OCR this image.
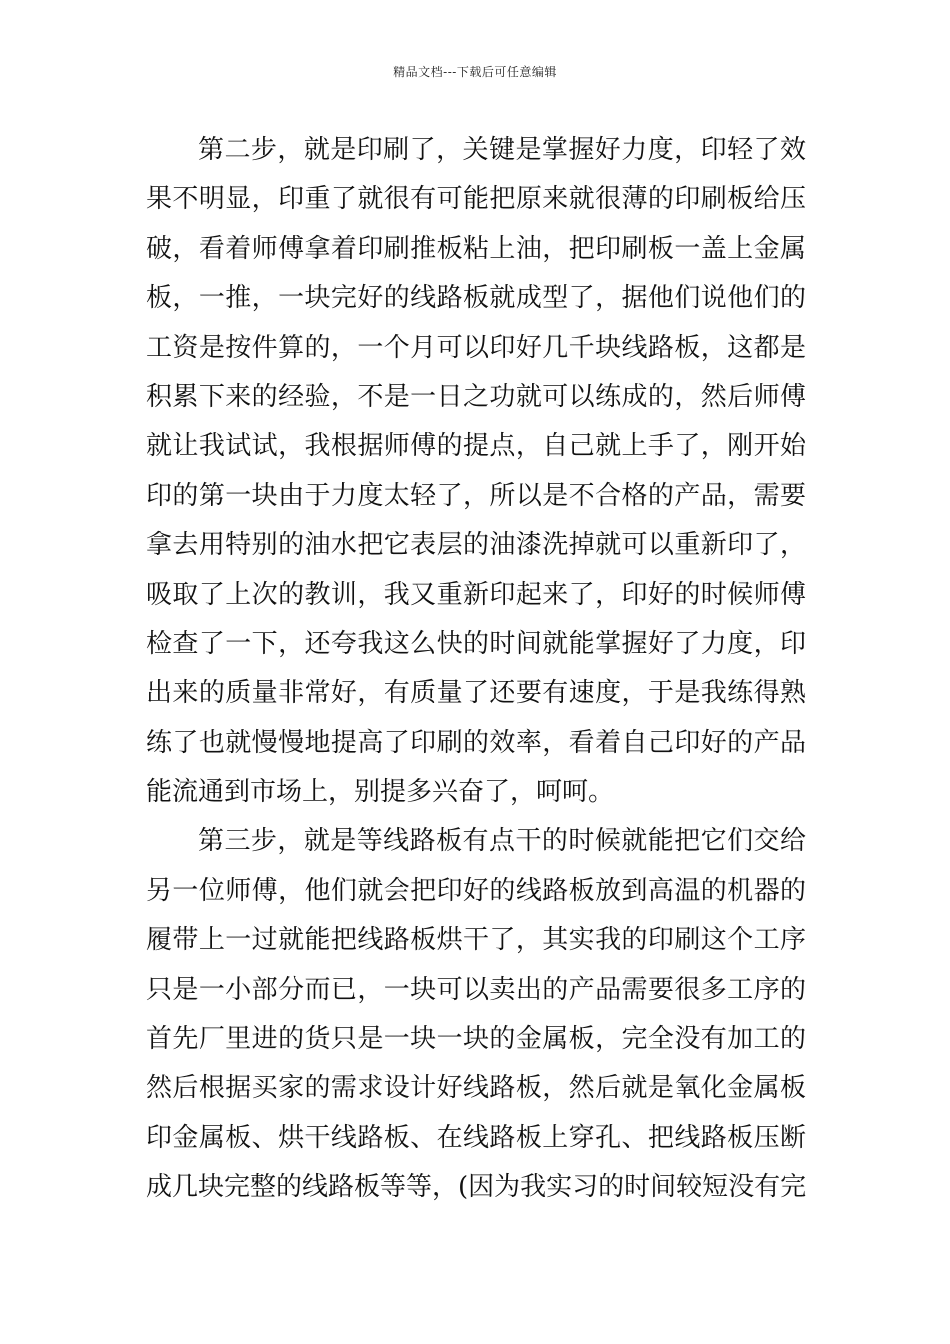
精品文档---下载后可任意编辑
第二步，就是印刷了，关键是掌握好力度，印轻了效
果不明显，印重了就很有可能把原来就很薄的印刷板给压
破，看着师傅拿着印刷推板粘上油，把印刷板一盖上金属
板，一推，一块完好的线路板就成型了，据他们说他们的
工资是按件算的，一个月可以印好几千块线路板，这都是
积累下来的经验，不是一日之功就可以练成的，然后师傅
就让我试试，我根据师傅的提点，自己就上手了，刚开始
印的第一块由于力度太轻了，所以是不合格的产品，需要
拿去用特别的油水把它表层的油漆洗掉就可以重新印了，
吸取了上次的教训，我又重新印起来了，印好的时候师傅
检查了一下，还夸我这么快的时间就能掌握好了力度，印
出来的质量非常好，有质量了还要有速度，于是我练得熟
练了也就慢慢地提高了印刷的效率，看着自己印好的产品
能流通到市场上，别提多兴奋了，呵呵。
第三步，就是等线路板有点干的时候就能把它们交给
另一位师傅，他们就会把印好的线路板放到高温的机器的
履带上一过就能把线路板烘干了，其实我的印刷这个工序
只是一小部分而已，一块可以卖出的产品需要很多工序的
首先厂里进的货只是一块一块的金属板，完全没有加工的
然后根据买家的需求设计好线路板，然后就是氧化金属板
印金属板、烘干线路板、在线路板上穿孔、把线路板压断
成几块完整的线路板等等，(因为我实习的时间较短没有完
